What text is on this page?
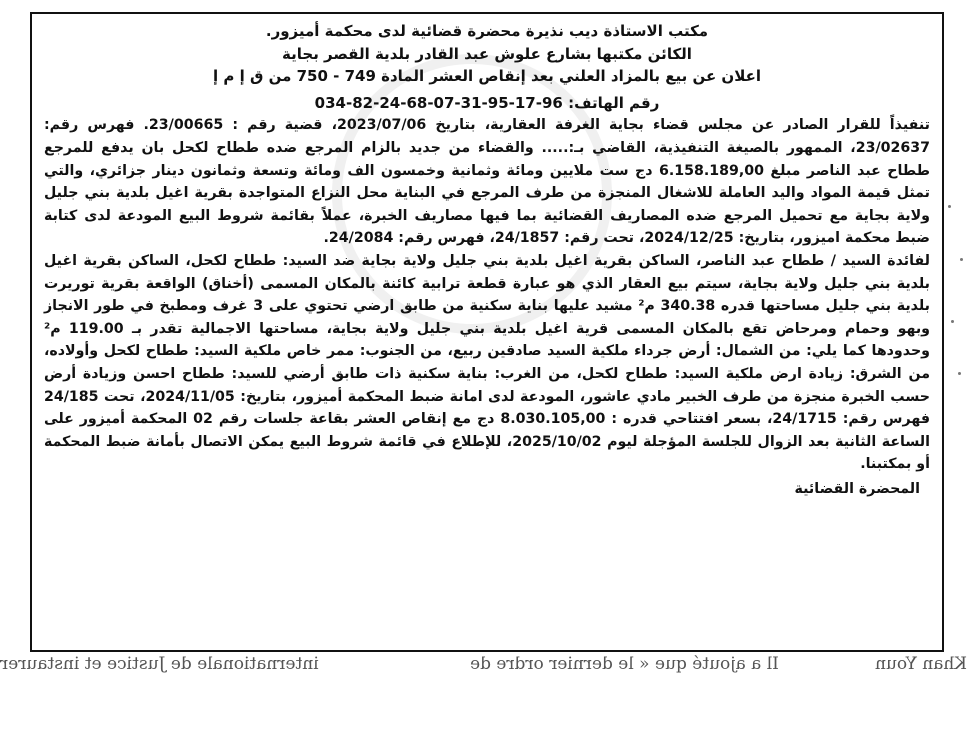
مكتب الاستاذة ديب نذيرة محضرة قضائية لدى محكمة أميزور.
الكائن مكتبها بشارع علوش عبد القادر بلدية القصر بجاية
اعلان عن بيع بالمزاد العلني بعد إنقاص العشر المادة 749 - 750 من ق إ م إ
رقم الهاتف: 96-17-95-31-07-68-24-82-034
تنفيذاً للقرار الصادر عن مجلس قضاء بجاية الغرفة العقارية، بتاريخ 2023/07/06، قضية رقم : 23/00665. فهرس رقم: 23/02637، الممهور بالصيغة التنفيذية، القاضي بـ:..... والقضاء من جديد بالزام المرجع ضده ططاح لكحل بان يدفع للمرجع ططاح عبد الناصر مبلغ 6.158.189,00 دج ست ملايين ومائة وثمانية وخمسون الف ومائة وتسعة وثمانون دينار جزائري، والتي تمثل قيمة المواد واليد العاملة للاشغال المنجزة من طرف المرجع في البناية محل النزاع المتواجدة بقرية اغيل بلدية بني جليل ولاية بجاية مع تحميل المرجع ضده المصاريف القضائية بما فيها مصاريف الخبرة، عملاً بقائمة شروط البيع المودعة لدى كتابة ضبط محكمة اميزور، بتاريخ: 2024/12/25، تحت رقم: 24/1857، فهرس رقم: 24/2084.
لفائدة السيد / ططاح عبد الناصر، الساكن بقرية اغيل بلدية بني جليل ولاية بجاية ضد السيد: ططاح لكحل، الساكن بقرية اغيل بلدية بني جليل ولاية بجاية، سيتم بيع العقار الذي هو عبارة قطعة ترابية كائنة بالمكان المسمى (أخناق) الواقعة بقرية توريرت بلدية بني جليل مساحتها قدره 340.38 م² مشيد عليها بناية سكنية من طابق ارضي تحتوي على 3 غرف ومطبخ في طور الانجاز وبهو وحمام ومرحاض تقع بالمكان المسمى قرية اغيل بلدية بني جليل ولاية بجاية، مساحتها الاجمالية تقدر بـ 119.00 م² وحدودها كما يلي: من الشمال: أرض جرداء ملكية السيد صادقين ربيع، من الجنوب: ممر خاص ملكية السيد: ططاح لكحل وأولاده، من الشرق: زيادة ارض ملكية السيد: ططاح لكحل، من الغرب: بناية سكنية ذات طابق أرضي للسيد: ططاح احسن وزيادة أرض حسب الخبرة منجزة من طرف الخبير مادي عاشور، المودعة لدى امانة ضبط المحكمة أميزور، بتاريخ: 2024/11/05، تحت 24/185 فهرس رقم: 24/1715، بسعر افتتاحي قدره : 8.030.105,00 دج مع إنقاص العشر بقاعة جلسات رقم 02 المحكمة أميزور على الساعة الثانية بعد الزوال للجلسة المؤجلة ليوم 2025/10/02، للإطلاع في قائمة شروط البيع يمكن الاتصال بأمانة ضبط المحكمة أو بمكتبنا.
المحضرة القضائية
internationale de Justice et instaurer	Il a ajouté que « le dernier ordre de	Khan Youn
